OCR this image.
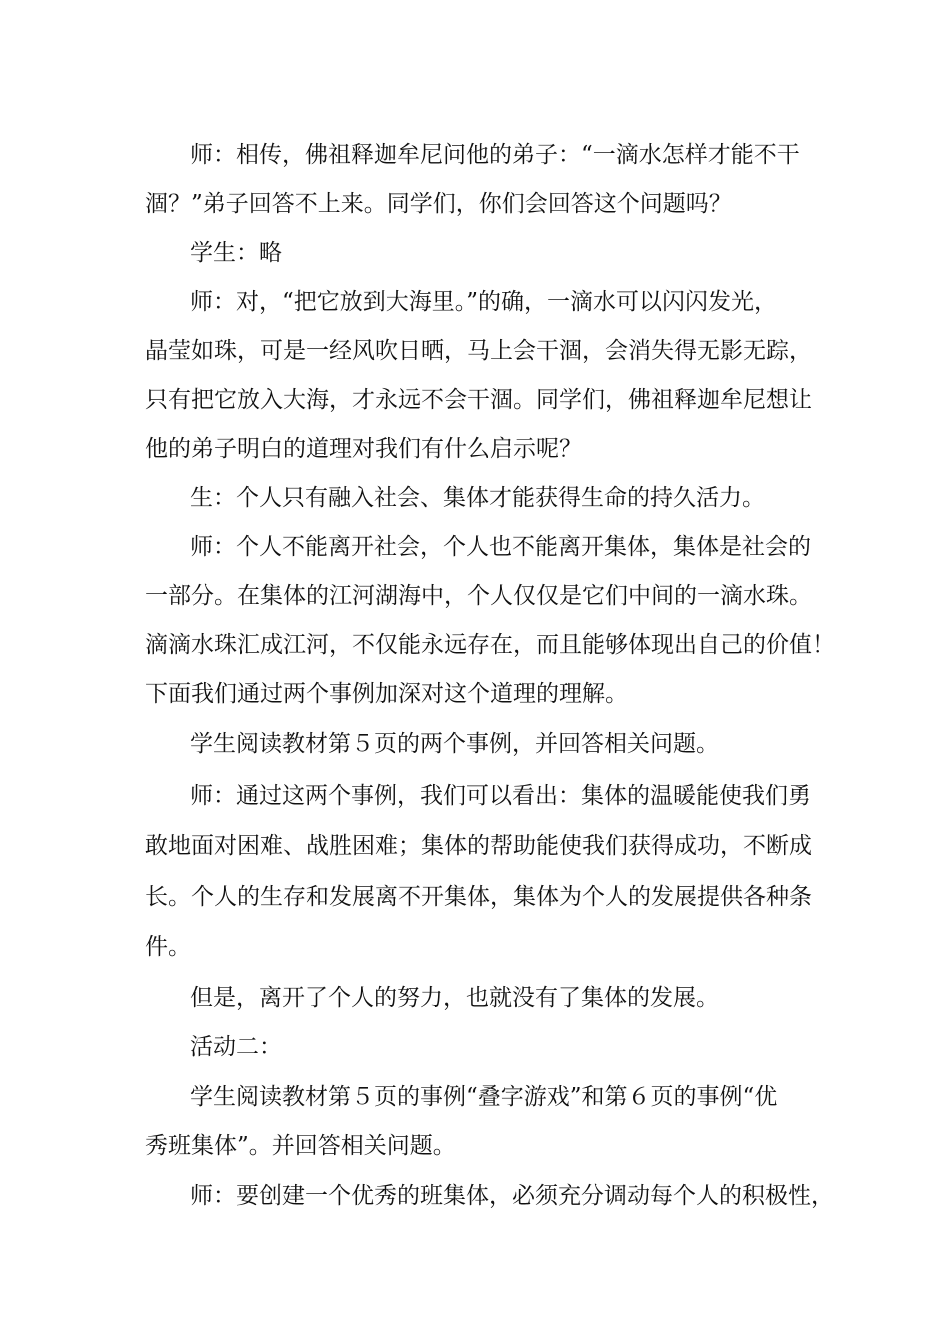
师：相传，佛祖释迦牟尼问他的弟子：“一滴水怎样才能不干
涸？”弟子回答不上来。同学们，你们会回答这个问题吗？
学生：略
师：对，“把它放到大海里。”的确，一滴水可以闪闪发光，
晶莹如珠，可是一经风吹日晒，马上会干涸，会消失得无影无踪，
只有把它放入大海，才永远不会干涸。同学们，佛祖释迦牟尼想让
他的弟子明白的道理对我们有什么启示呢？
生：个人只有融入社会、集体才能获得生命的持久活力。
师：个人不能离开社会，个人也不能离开集体，集体是社会的
一部分。在集体的江河湖海中，个人仅仅是它们中间的一滴水珠。
滴滴水珠汇成江河，不仅能永远存在，而且能够体现出自己的价值！
下面我们通过两个事例加深对这个道理的理解。
学生阅读教材第５页的两个事例，并回答相关问题。
师：通过这两个事例，我们可以看出：集体的温暖能使我们勇
敢地面对困难、战胜困难；集体的帮助能使我们获得成功，不断成
长。个人的生存和发展离不开集体，集体为个人的发展提供各种条
件。
但是，离开了个人的努力，也就没有了集体的发展。
活动二：
学生阅读教材第５页的事例“叠字游戏”和第６页的事例“优
秀班集体”。并回答相关问题。
师：要创建一个优秀的班集体，必须充分调动每个人的积极性，
